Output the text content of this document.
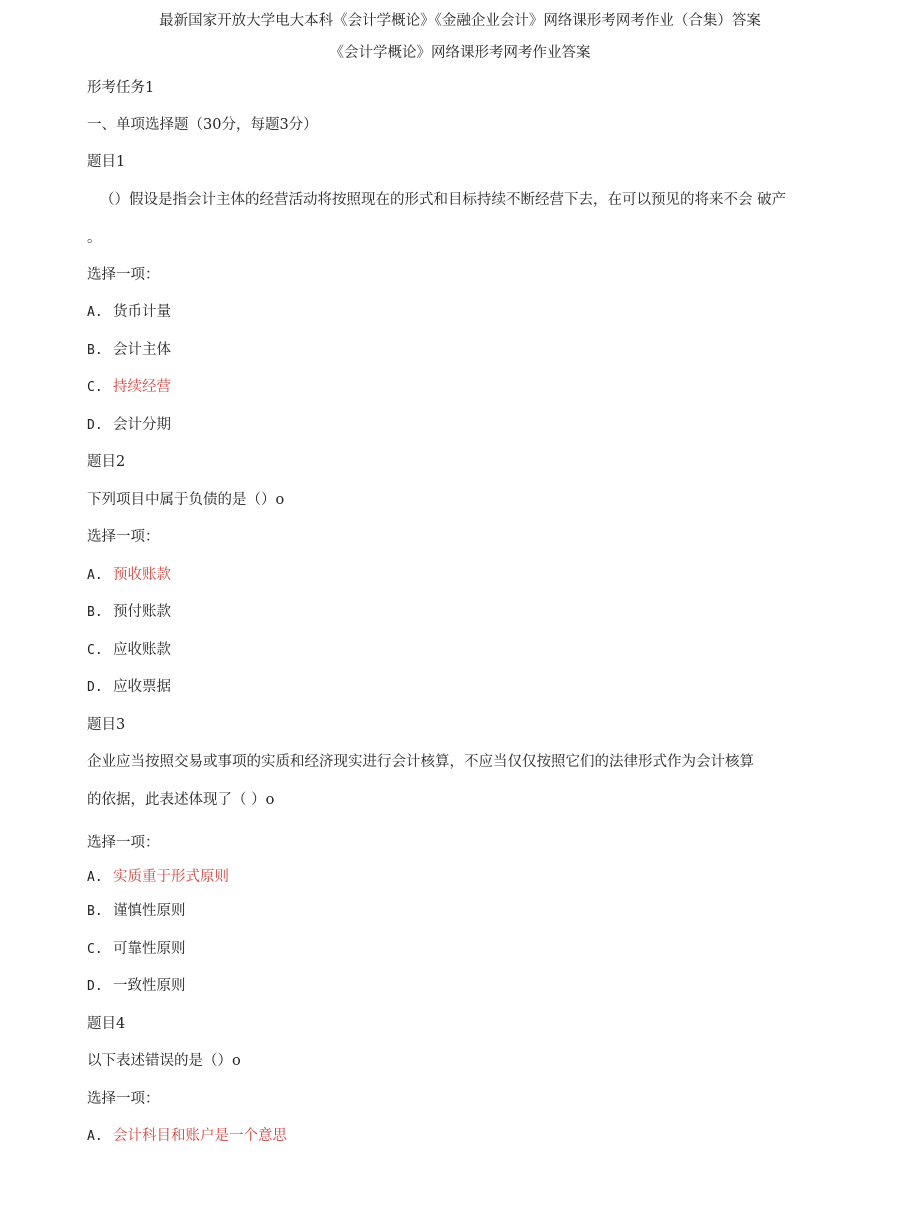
最新国家开放大学电大本科《会计学概论》《金融企业会计》网络课形考网考作业（合集）答案
《会计学概论》网络课形考网考作业答案
形考任务1
一、单项选择题（30分，每题3分）
题目1
（）假设是指会计主体的经营活动将按照现在的形式和目标持续不断经营下去，在可以预见的将来不会 破产
。
选择一项：
A. 货币计量
B. 会计主体
C. 持续经营
D. 会计分期
题目2
下列项目中属于负债的是（）o
选择一项：
A. 预收账款
B. 预付账款
C. 应收账款
D. 应收票据
题目3
企业应当按照交易或事项的实质和经济现实进行会计核算，不应当仅仅按照它们的法律形式作为会计核算
的依据，此表述体现了（ ）o
选择一项：
A. 实质重于形式原则
B. 谨慎性原则
C. 可靠性原则
D. 一致性原则
题目4
以下表述错误的是（）o
选择一项：
A. 会计科目和账户是一个意思
